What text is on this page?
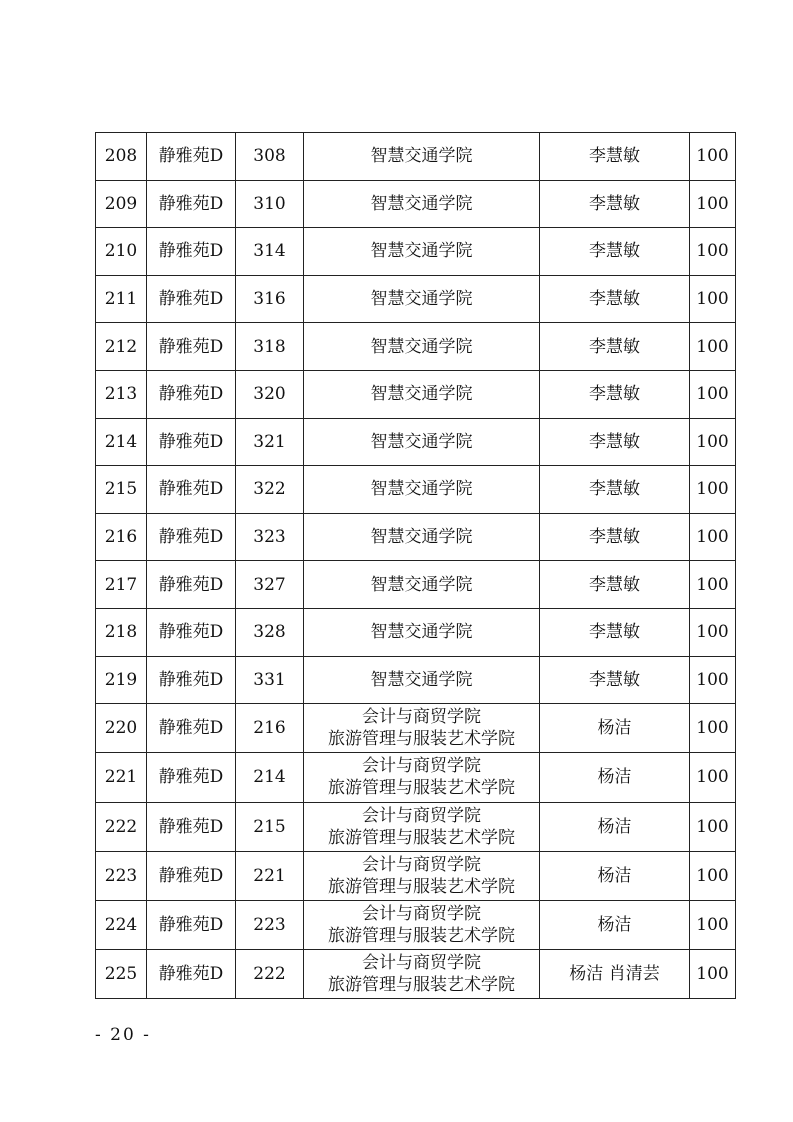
208	静雅苑D	308	智慧交通学院	李慧敏	100
209	静雅苑D	310	智慧交通学院	李慧敏	100
210	静雅苑D	314	智慧交通学院	李慧敏	100
211	静雅苑D	316	智慧交通学院	李慧敏	100
212	静雅苑D	318	智慧交通学院	李慧敏	100
213	静雅苑D	320	智慧交通学院	李慧敏	100
214	静雅苑D	321	智慧交通学院	李慧敏	100
215	静雅苑D	322	智慧交通学院	李慧敏	100
216	静雅苑D	323	智慧交通学院	李慧敏	100
217	静雅苑D	327	智慧交通学院	李慧敏	100
218	静雅苑D	328	智慧交通学院	李慧敏	100
219	静雅苑D	331	智慧交通学院	李慧敏	100
220	静雅苑D	216	会计与商贸学院
旅游管理与服装艺术学院	杨洁	100
221	静雅苑D	214	会计与商贸学院
旅游管理与服装艺术学院	杨洁	100
222	静雅苑D	215	会计与商贸学院
旅游管理与服装艺术学院	杨洁	100
223	静雅苑D	221	会计与商贸学院
旅游管理与服装艺术学院	杨洁	100
224	静雅苑D	223	会计与商贸学院
旅游管理与服装艺术学院	杨洁	100
225	静雅苑D	222	会计与商贸学院
旅游管理与服装艺术学院	杨洁 肖清芸	100
- 20 -
